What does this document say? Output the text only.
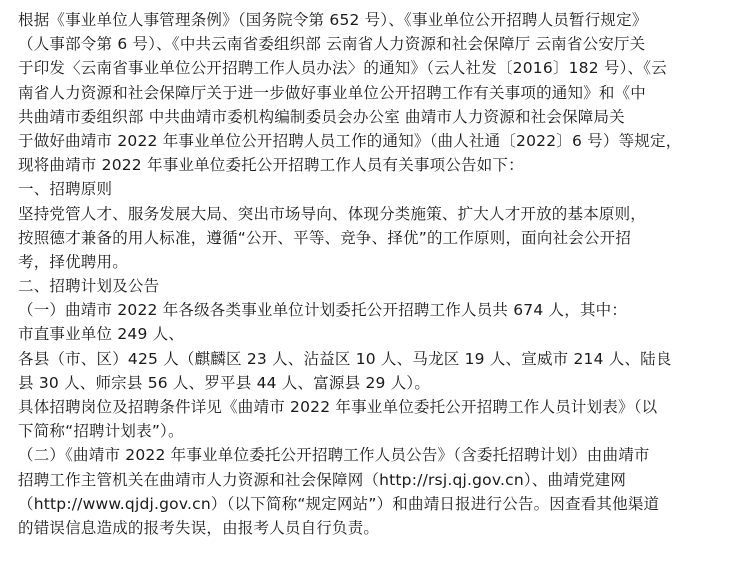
根据《事业单位人事管理条例》（国务院令第 652 号）、《事业单位公开招聘人员暂行规定》
（人事部令第 6 号）、《中共云南省委组织部 云南省人力资源和社会保障厅 云南省公安厅关
于印发〈云南省事业单位公开招聘工作人员办法〉的通知》（云人社发〔2016〕182 号）、《云
南省人力资源和社会保障厅关于进一步做好事业单位公开招聘工作有关事项的通知》和《中
共曲靖市委组织部 中共曲靖市委机构编制委员会办公室 曲靖市人力资源和社会保障局关
于做好曲靖市 2022 年事业单位公开招聘人员工作的通知》（曲人社通〔2022〕6 号）等规定，
现将曲靖市 2022 年事业单位委托公开招聘工作人员有关事项公告如下：
一、招聘原则
坚持党管人才、服务发展大局、突出市场导向、体现分类施策、扩大人才开放的基本原则，
按照德才兼备的用人标准，遵循“公开、平等、竞争、择优”的工作原则，面向社会公开招
考，择优聘用。
二、招聘计划及公告
（一）曲靖市 2022 年各级各类事业单位计划委托公开招聘工作人员共 674 人，其中：
市直事业单位 249 人、
各县（市、区）425 人（麒麟区 23 人、沾益区 10 人、马龙区 19 人、宣威市 214 人、陆良
县 30 人、师宗县 56 人、罗平县 44 人、富源县 29 人）。
具体招聘岗位及招聘条件详见《曲靖市 2022 年事业单位委托公开招聘工作人员计划表》（以
下简称“招聘计划表”）。
（二）《曲靖市 2022 年事业单位委托公开招聘工作人员公告》（含委托招聘计划）由曲靖市
招聘工作主管机关在曲靖市人力资源和社会保障网（http://rsj.qj.gov.cn）、曲靖党建网
（http://www.qjdj.gov.cn）（以下简称“规定网站”）和曲靖日报进行公告。因查看其他渠道
的错误信息造成的报考失误，由报考人员自行负责。
